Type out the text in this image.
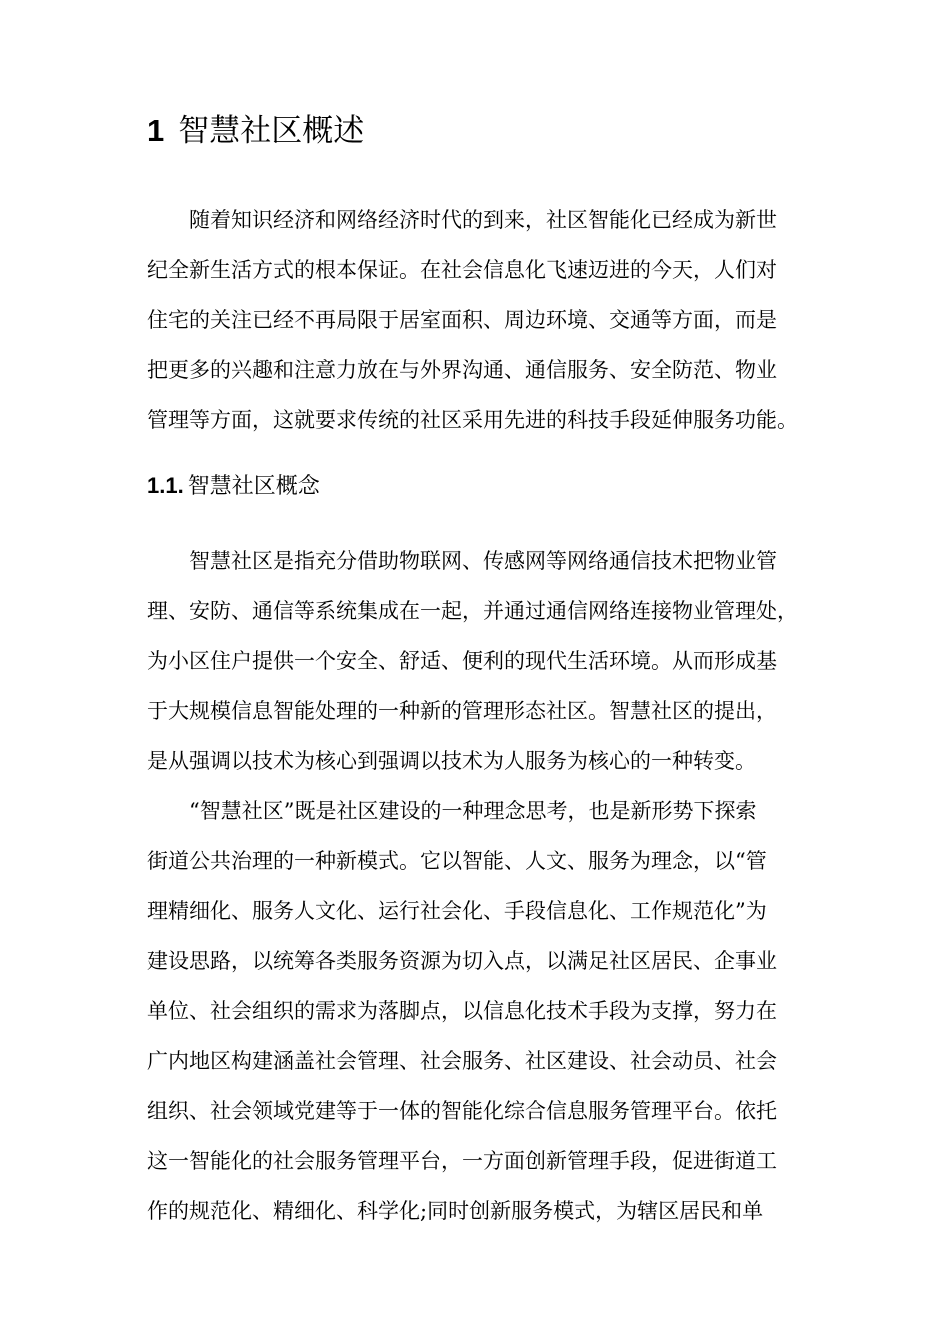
1 智慧社区概述
随着知识经济和网络经济时代的到来，社区智能化已经成为新世
纪全新生活方式的根本保证。在社会信息化飞速迈进的今天，人们对
住宅的关注已经不再局限于居室面积、周边环境、交通等方面，而是
把更多的兴趣和注意力放在与外界沟通、通信服务、安全防范、物业
管理等方面，这就要求传统的社区采用先进的科技手段延伸服务功能。
1.1. 智慧社区概念
智慧社区是指充分借助物联网、传感网等网络通信技术把物业管
理、安防、通信等系统集成在一起，并通过通信网络连接物业管理处，
为小区住户提供一个安全、舒适、便利的现代生活环境。从而形成基
于大规模信息智能处理的一种新的管理形态社区。智慧社区的提出，
是从强调以技术为核心到强调以技术为人服务为核心的一种转变。
“智慧社区”既是社区建设的一种理念思考，也是新形势下探索
街道公共治理的一种新模式。它以智能、人文、服务为理念，以“管
理精细化、服务人文化、运行社会化、手段信息化、工作规范化”为
建设思路，以统筹各类服务资源为切入点，以满足社区居民、企事业
单位、社会组织的需求为落脚点，以信息化技术手段为支撑，努力在
广内地区构建涵盖社会管理、社会服务、社区建设、社会动员、社会
组织、社会领域党建等于一体的智能化综合信息服务管理平台。依托
这一智能化的社会服务管理平台，一方面创新管理手段，促进街道工
作的规范化、精细化、科学化;同时创新服务模式，为辖区居民和单
